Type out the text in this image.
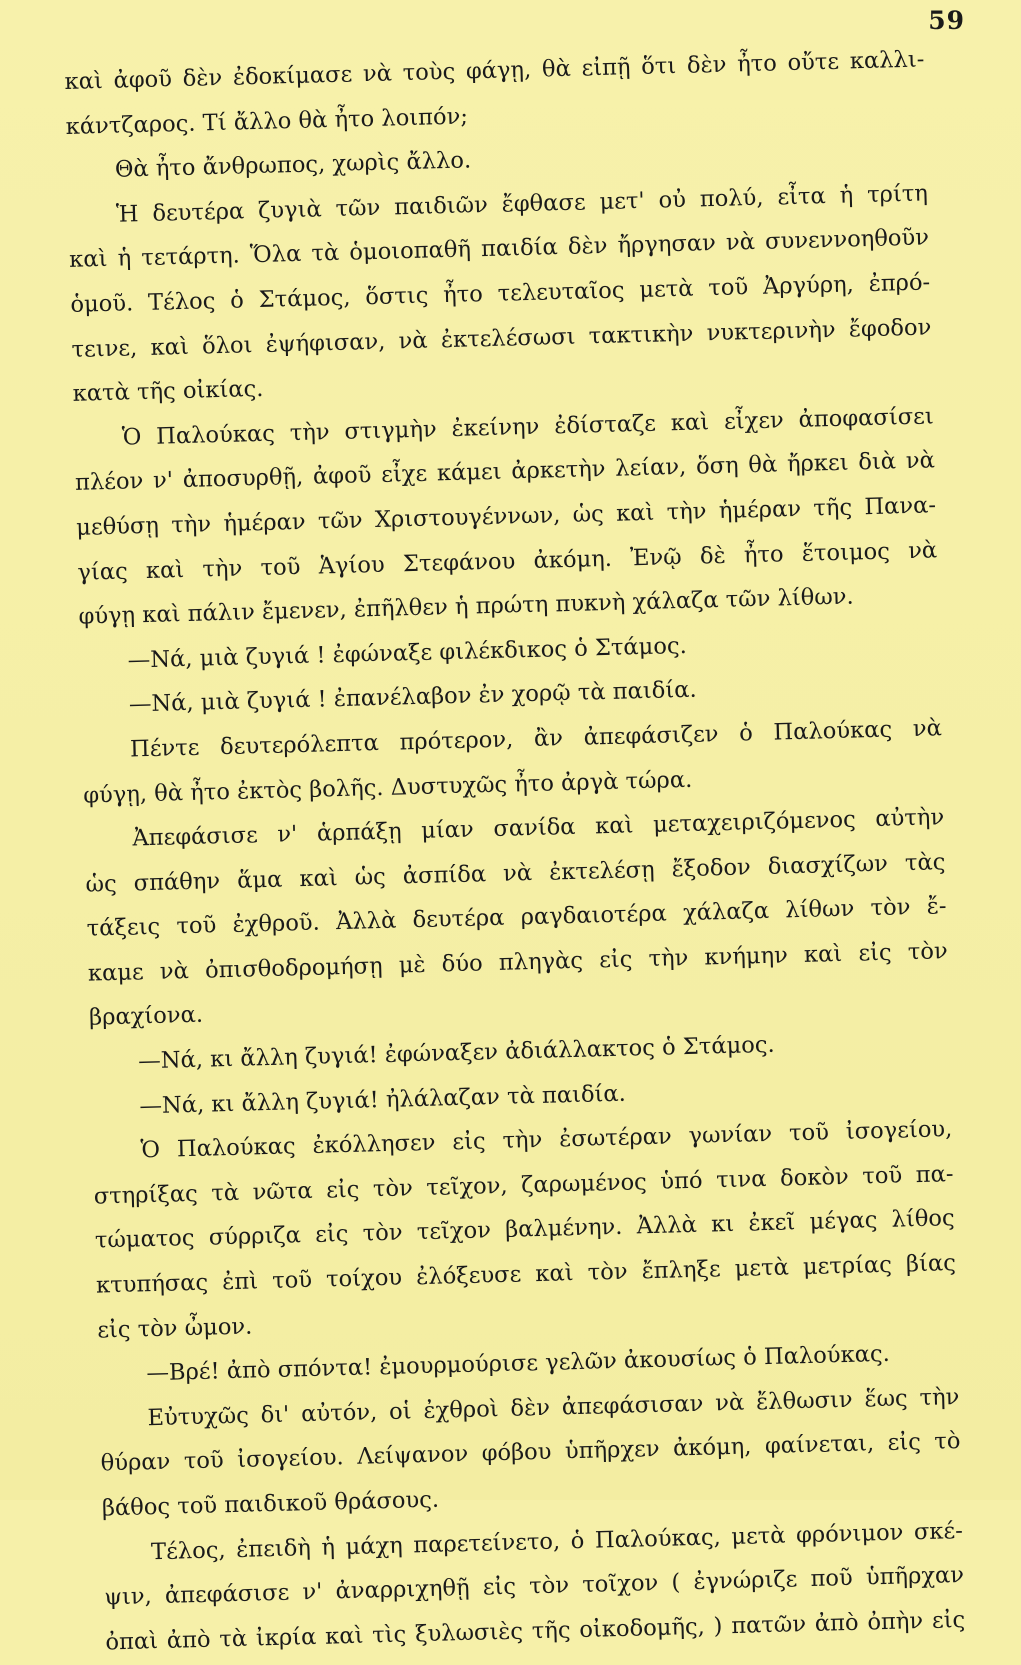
59
καὶ ἀφοῦ δὲν ἐδοκίμασε νὰ τοὺς φάγῃ, θὰ εἰπῇ ὅτι δὲν ἦτο οὔτε καλλι-
κάντζαρος. Τί ἄλλο θὰ ἦτο λοιπόν;
Θὰ ἦτο ἄνθρωπος, χωρὶς ἄλλο.
Ἡ δευτέρα ζυγιὰ τῶν παιδιῶν ἔφθασε μετ' οὐ πολύ, εἶτα ἡ τρίτη
καὶ ἡ τετάρτη. Ὅλα τὰ ὁμοιοπαθῆ παιδία δὲν ἤργησαν νὰ συνεννοηθοῦν
ὁμοῦ. Τέλος ὁ Στάμος, ὅστις ἦτο τελευταῖος μετὰ τοῦ Ἀργύρη, ἐπρό-
τεινε, καὶ ὅλοι ἐψήφισαν, νὰ ἐκτελέσωσι τακτικὴν νυκτερινὴν ἔφοδον
κατὰ τῆς οἰκίας.
Ὁ Παλούκας τὴν στιγμὴν ἐκείνην ἐδίσταζε καὶ εἶχεν ἀποφασίσει
πλέον ν' ἀποσυρθῇ, ἀφοῦ εἶχε κάμει ἀρκετὴν λείαν, ὅση θὰ ἤρκει διὰ νὰ
μεθύσῃ τὴν ἡμέραν τῶν Χριστουγέννων, ὡς καὶ τὴν ἡμέραν τῆς Πανα-
γίας καὶ τὴν τοῦ Ἁγίου Στεφάνου ἀκόμη. Ἐνῷ δὲ ἦτο ἕτοιμος νὰ
φύγῃ καὶ πάλιν ἔμενεν, ἐπῆλθεν ἡ πρώτη πυκνὴ χάλαζα τῶν λίθων.
—Νά, μιὰ ζυγιά ! ἐφώναξε φιλέκδικος ὁ Στάμος.
—Νά, μιὰ ζυγιά ! ἐπανέλαβον ἐν χορῷ τὰ παιδία.
Πέντε δευτερόλεπτα πρότερον, ἂν ἀπεφάσιζεν ὁ Παλούκας νὰ
φύγῃ, θὰ ἦτο ἐκτὸς βολῆς. Δυστυχῶς ἦτο ἀργὰ τώρα.
Ἀπεφάσισε ν' ἁρπάξῃ μίαν σανίδα καὶ μεταχειριζόμενος αὐτὴν
ὡς σπάθην ἅμα καὶ ὡς ἀσπίδα νὰ ἐκτελέσῃ ἔξοδον διασχίζων τὰς
τάξεις τοῦ ἐχθροῦ. Ἀλλὰ δευτέρα ραγδαιοτέρα χάλαζα λίθων τὸν ἔ-
καμε νὰ ὀπισθοδρομήσῃ μὲ δύο πληγὰς εἰς τὴν κνήμην καὶ εἰς τὸν
βραχίονα.
—Νά, κι ἄλλη ζυγιά! ἐφώναξεν ἀδιάλλακτος ὁ Στάμος.
—Νά, κι ἄλλη ζυγιά! ἠλάλαζαν τὰ παιδία.
Ὁ Παλούκας ἐκόλλησεν εἰς τὴν ἐσωτέραν γωνίαν τοῦ ἰσογείου,
στηρίξας τὰ νῶτα εἰς τὸν τεῖχον, ζαρωμένος ὑπό τινα δοκὸν τοῦ πα-
τώματος σύρριζα εἰς τὸν τεῖχον βαλμένην. Ἀλλὰ κι ἐκεῖ μέγας λίθος
κτυπήσας ἐπὶ τοῦ τοίχου ἐλόξευσε καὶ τὸν ἔπληξε μετὰ μετρίας βίας
εἰς τὸν ὦμον.
—Βρέ! ἀπὸ σπόντα! ἐμουρμούρισε γελῶν ἀκουσίως ὁ Παλούκας.
Εὐτυχῶς δι' αὐτόν, οἱ ἐχθροὶ δὲν ἀπεφάσισαν νὰ ἔλθωσιν ἕως τὴν
θύραν τοῦ ἰσογείου. Λείψανον φόβου ὑπῆρχεν ἀκόμη, φαίνεται, εἰς τὸ
βάθος τοῦ παιδικοῦ θράσους.
Τέλος, ἐπειδὴ ἡ μάχη παρετείνετο, ὁ Παλούκας, μετὰ φρόνιμον σκέ-
ψιν, ἀπεφάσισε ν' ἀναρριχηθῇ εἰς τὸν τοῖχον ( ἐγνώριζε ποῦ ὑπῆρχαν
ὀπαὶ ἀπὸ τὰ ἰκρία καὶ τὶς ξυλωσιὲς τῆς οἰκοδομῆς, ) πατῶν ἀπὸ ὀπὴν εἰς
